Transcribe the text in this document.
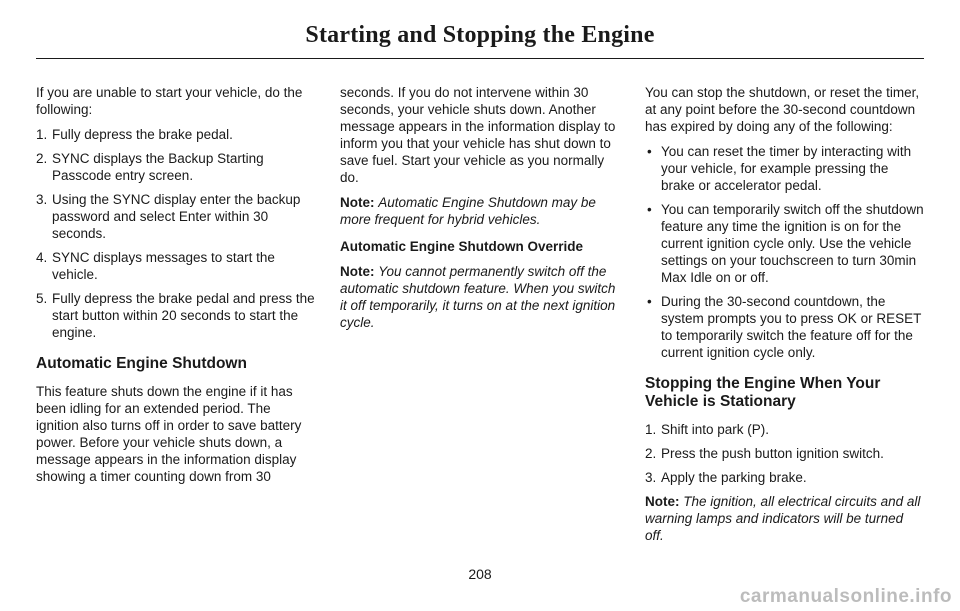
Starting and Stopping the Engine

If you are unable to start your vehicle, do the following:

1. Fully depress the brake pedal.
2. SYNC displays the Backup Starting Passcode entry screen.
3. Using the SYNC display enter the backup password and select Enter within 30 seconds.
4. SYNC displays messages to start the vehicle.
5. Fully depress the brake pedal and press the start button within 20 seconds to start the engine.
Automatic Engine Shutdown

This feature shuts down the engine if it has been idling for an extended period. The ignition also turns off in order to save battery power. Before your vehicle shuts down, a message appears in the information display showing a timer counting down from 30

seconds. If you do not intervene within 30 seconds, your vehicle shuts down. Another message appears in the information display to inform you that your vehicle has shut down to save fuel. Start your vehicle as you normally do.

Note: Automatic Engine Shutdown may be more frequent for hybrid vehicles.

Automatic Engine Shutdown Override

Note: You cannot permanently switch off the automatic shutdown feature. When you switch it off temporarily, it turns on at the next ignition cycle.

You can stop the shutdown, or reset the timer, at any point before the 30-second countdown has expired by doing any of the following:

• You can reset the timer by interacting with your vehicle, for example pressing the brake or accelerator pedal.
• You can temporarily switch off the shutdown feature any time the ignition is on for the current ignition cycle only. Use the vehicle settings on your touchscreen to turn 30min Max Idle on or off.
• During the 30-second countdown, the system prompts you to press OK or RESET to temporarily switch the feature off for the current ignition cycle only.
Stopping the Engine When Your Vehicle is Stationary
1. Shift into park (P).
2. Press the push button ignition switch.
3. Apply the parking brake.

Note: The ignition, all electrical circuits and all warning lamps and indicators will be turned off.

208
carmanualsonline.info
